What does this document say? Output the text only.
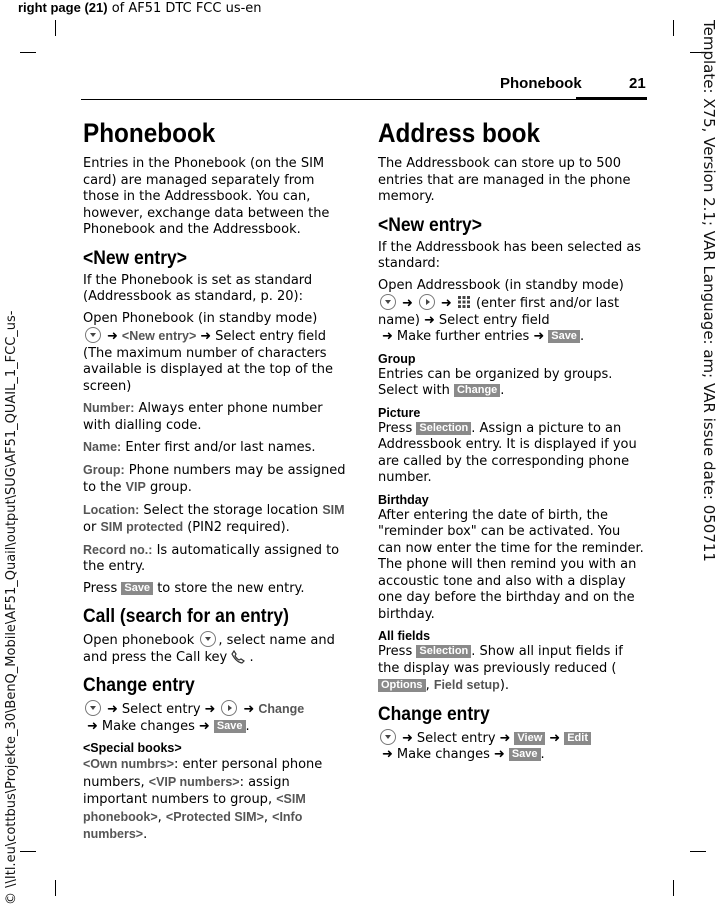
right page (21) of AF51 DTC FCC us-en
Template: X75, Version 2.1; VAR Language: am; VAR issue date: 050711
© \\Itl.eu\cottbus\Projekte_30\BenQ_Mobile\AF51_Quail\output\SUG\AF51_QUAIL_1_FCC_us-
Phonebook	21
Phonebook

Entries in the Phonebook (on the SIM card) are managed separately from those in the Addressbook. You can, however, exchange data between the Phonebook and the Addressbook.

<New entry>

If the Phonebook is set as standard (Addressbook as standard, p. 20):

Open Phonebook (in standby mode)
➜ <New entry> ➜ Select entry field (The maximum number of characters available is displayed at the top of the screen)

Number: Always enter phone number with dialling code.

Name: Enter first and/or last names.

Group: Phone numbers may be assigned to the VIP group.

Location: Select the storage location SIM or SIM protected (PIN2 required).

Record no.: Is automatically assigned to the entry.

Press Save to store the new entry.

Call (search for an entry)

Open phonebook , select name and and press the Call key  .

Change entry

➜ Select entry ➜ ➜ Change
➜ Make changes ➜ Save .

<Special books>

<Own numbrs>: enter personal phone numbers, <VIP numbers>: assign important numbers to group, <SIM phonebook>, <Protected SIM>, <Info numbers>.

Address book

The Addressbook can store up to 500 entries that are managed in the phone memory.

<New entry>

If the Addressbook has been selected as standard:

Open Addressbook (in standby mode)
➜ ➜ (enter first and/or last name) ➜ Select entry field
➜ Make further entries ➜ Save .

Group

Entries can be organized by groups. Select with Change .

Picture

Press Selection . Assign a picture to an Addressbook entry. It is displayed if you are called by the corresponding phone number.

Birthday

After entering the date of birth, the "reminder box" can be activated. You can now enter the time for the reminder. The phone will then remind you with an accoustic tone and also with a display one day before the birthday and on the birthday.

All fields

Press Selection . Show all input fields if the display was previously reduced (Options , Field setup).

Change entry

➜ Select entry ➜ View ➜ Edit
➜ Make changes ➜ Save .
